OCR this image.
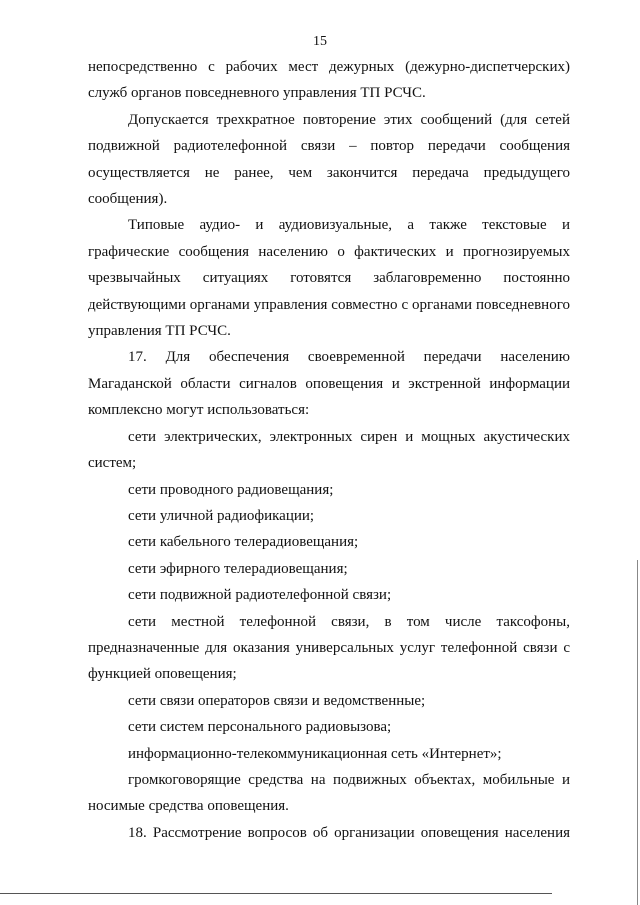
15

непосредственно с рабочих мест дежурных (дежурно-диспетчерских) служб органов повседневного управления ТП РСЧС.

Допускается трехкратное повторение этих сообщений (для сетей подвижной радиотелефонной связи – повтор передачи сообщения осуществляется не ранее, чем закончится передача предыдущего сообщения).

Типовые аудио- и аудиовизуальные, а также текстовые и графические сообщения населению о фактических и прогнозируемых чрезвычайных ситуациях готовятся заблаговременно постоянно действующими органами управления совместно с органами повседневного управления ТП РСЧС.

17. Для обеспечения своевременной передачи населению Магаданской области сигналов оповещения и экстренной информации комплексно могут использоваться:

сети электрических, электронных сирен и мощных акустических систем;

сети проводного радиовещания;

сети уличной радиофикации;

сети кабельного телерадиовещания;

сети эфирного телерадиовещания;

сети подвижной радиотелефонной связи;

сети местной телефонной связи, в том числе таксофоны, предназначенные для оказания универсальных услуг телефонной связи с функцией оповещения;

сети связи операторов связи и ведомственные;

сети систем персонального радиовызова;

информационно-телекоммуникационная сеть «Интернет»;

громкоговорящие средства на подвижных объектах, мобильные и носимые средства оповещения.

18. Рассмотрение вопросов об организации оповещения населения
